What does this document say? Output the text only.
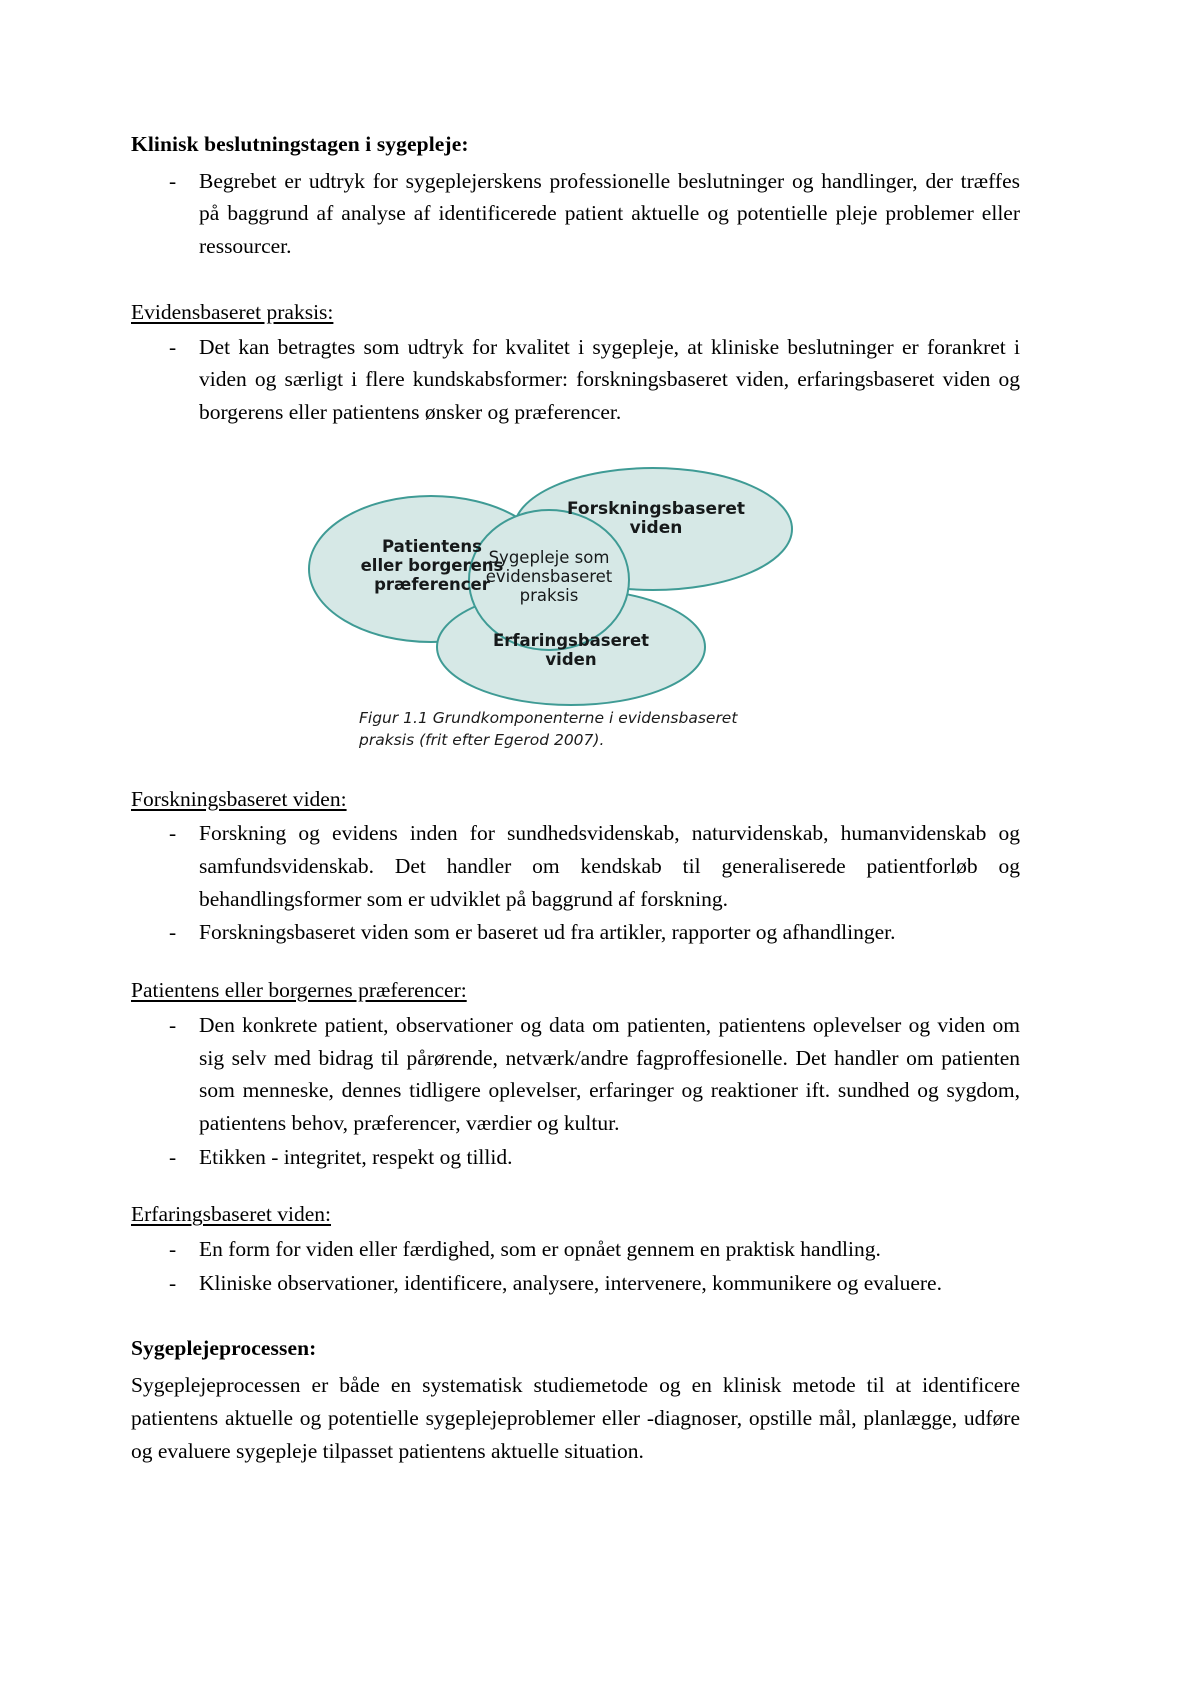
Klinisk beslutningstagen i sygepleje:
- Begrebet er udtryk for sygeplejerskens professionelle beslutninger og handlinger, der træffes på baggrund af analyse af identificerede patient aktuelle og potentielle pleje problemer eller ressourcer.
Evidensbaseret praksis:
- Det kan betragtes som udtryk for kvalitet i sygepleje, at kliniske beslutninger er forankret i viden og særligt i flere kundskabsformer: forskningsbaseret viden, erfaringsbaseret viden og borgerens eller patientens ønsker og præferencer.
Forskningsbaseret
viden
Patientens
eller borgerens
præferencer
Erfaringsbaseret
viden
Sygepleje som
evidensbaseret
praksis
Figur 1.1 Grundkomponenterne i evidensbaseret praksis (frit efter Egerod 2007).
Forskningsbaseret viden:
- Forskning og evidens inden for sundhedsvidenskab, naturvidenskab, humanvidenskab og samfundsvidenskab. Det handler om kendskab til generaliserede patientforløb og behandlingsformer som er udviklet på baggrund af forskning.
- Forskningsbaseret viden som er baseret ud fra artikler, rapporter og afhandlinger.
Patientens eller borgernes præferencer:
- Den konkrete patient, observationer og data om patienten, patientens oplevelser og viden om sig selv med bidrag til pårørende, netværk/andre fagproffesionelle. Det handler om patienten som menneske, dennes tidligere oplevelser, erfaringer og reaktioner ift. sundhed og sygdom, patientens behov, præferencer, værdier og kultur.
- Etikken - integritet, respekt og tillid.
Erfaringsbaseret viden:
- En form for viden eller færdighed, som er opnået gennem en praktisk handling.
- Kliniske observationer, identificere, analysere, intervenere, kommunikere og evaluere.
Sygeplejeprocessen:

Sygeplejeprocessen er både en systematisk studiemetode og en klinisk metode til at identificere patientens aktuelle og potentielle sygeplejeproblemer eller -diagnoser, opstille mål, planlægge, udføre og evaluere sygepleje tilpasset patientens aktuelle situation.
